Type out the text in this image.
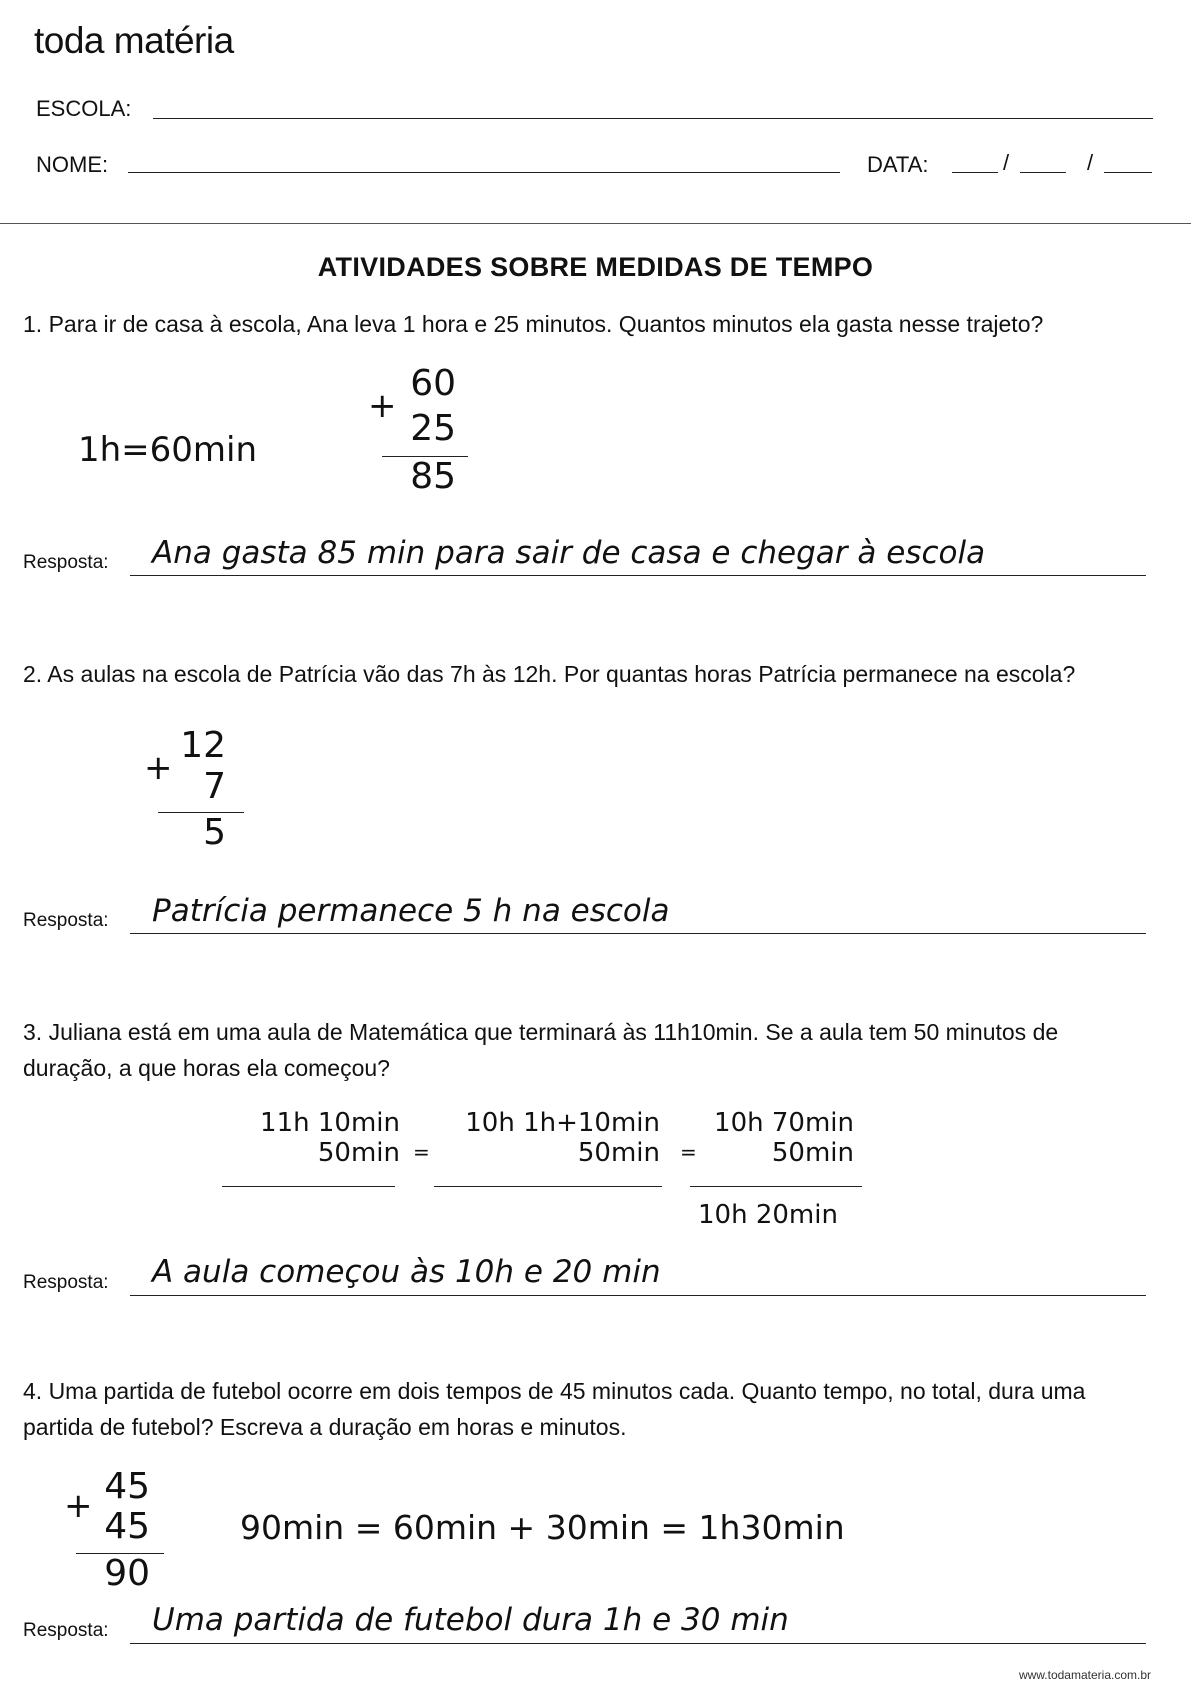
toda matéria
ESCOLA:
NOME:	DATA:	/	/
ATIVIDADES SOBRE MEDIDAS DE TEMPO
1. Para ir de casa à escola, Ana leva 1 hora e 25 minutos. Quantos minutos ela gasta nesse trajeto?
1h=60min
+
60
25
85
Resposta: Ana gasta 85 min para sair de casa e chegar à escola
2. As aulas na escola de Patrícia vão das 7h às 12h. Por quantas horas Patrícia permanece na escola?
+
12
7
5
Resposta: Patrícia permanece 5 h na escola
3. Juliana está em uma aula de Matemática que terminará às 11h10min. Se a aula tem 50 minutos de duração, a que horas ela começou?
11h 10min
50min =
10h 1h+10min
50min =
10h 70min
50min
10h 20min
Resposta: A aula começou às 10h e 20 min
4. Uma partida de futebol ocorre em dois tempos de 45 minutos cada. Quanto tempo, no total, dura uma partida de futebol? Escreva a duração em horas e minutos.
+ 45
45
90
90min = 60min + 30min = 1h30min
Resposta: Uma partida de futebol dura 1h e 30 min
www.todamateria.com.br
